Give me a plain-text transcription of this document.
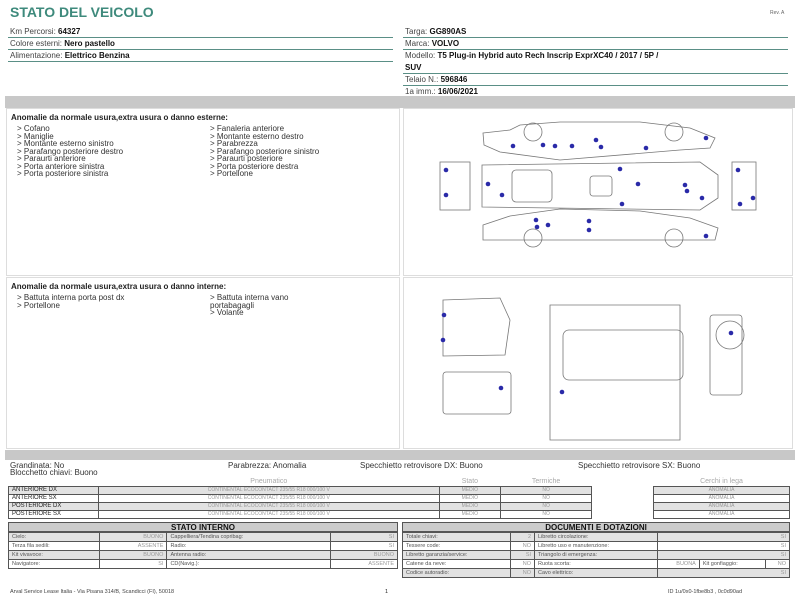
STATO DEL VEICOLO	Rev. A
Km Percorsi: 64327
Colore esterni: Nero pastello
Alimentazione: Elettrico Benzina
Targa: GG890AS
Marca: VOLVO
Modello: T5 Plug-in Hybrid auto Rech Inscrip ExprXC40 / 2017 / 5P /
SUV
Telaio N.: 596846
1a imm.: 16/06/2021
Anomalie da normale usura,extra usura o danno esterne:
> Cofano
> Maniglie
> Montante esterno sinistro
> Parafango posteriore destro
> Paraurti anteriore
> Porta anteriore sinistra
> Porta posteriore sinistra
> Fanaleria anteriore
> Montante esterno destro
> Parabrezza
> Parafango posteriore sinistro
> Paraurti posteriore
> Porta posteriore destra
> Portellone
Anomalie da normale usura,extra usura o danno interne:
> Battuta interna porta post dx
> Portellone
> Battuta interna vano
portabagagli
> Volante
Grandinata: No	Parabrezza: Anomalia	Specchietto retrovisore DX: Buono	Specchietto retrovisore SX: Buono
Blocchetto chiavi: Buono
	Pneumatico	Stato	Termiche
ANTERIORE DX	CONTINENTAL ECOCONTACT 235/55 R18 000/100 V	MEDIO	NO
ANTERIORE SX	CONTINENTAL ECOCONTACT 235/55 R18 000/100 V	MEDIO	NO
POSTERIORE DX	CONTINENTAL ECOCONTACT 235/55 R18 000/100 V	MEDIO	NO
POSTERIORE SX	CONTINENTAL ECOCONTACT 235/55 R18 000/100 V	MEDIO	NO
Cerchi in lega
ANOMALIA
ANOMALIA
ANOMALIA
ANOMALIA
STATO INTERNO
Cielo:	BUONO	Cappelliera/Tendina copribag:	SI
Terza fila sedili:	ASSENTE	Radio:	SI
Kit vivavoce:	BUONO	Antenna radio:	BUONO
Navigatore:	SI	CD(Navig.):	ASSENTE
DOCUMENTI E DOTAZIONI
Totale chiavi:	2	Libretto circolazione:	SI		
Tessere code:	NO	Libretto uso e manutenzione:	SI		
Libretto garanzia/service:	SI	Triangolo di emergenza:	SI		
Catene da neve:	NO	Ruota scorta:	BUONA	Kit gonfiaggio:	NO
Codice autoradio:	NO	Cavo elettrico:	SI		
Arval Service Lease Italia - Via Pisana 314/B, Scandicci (FI), 50018	1	ID 1u/0x0-1fbe8b3 , 0c0d90ad
